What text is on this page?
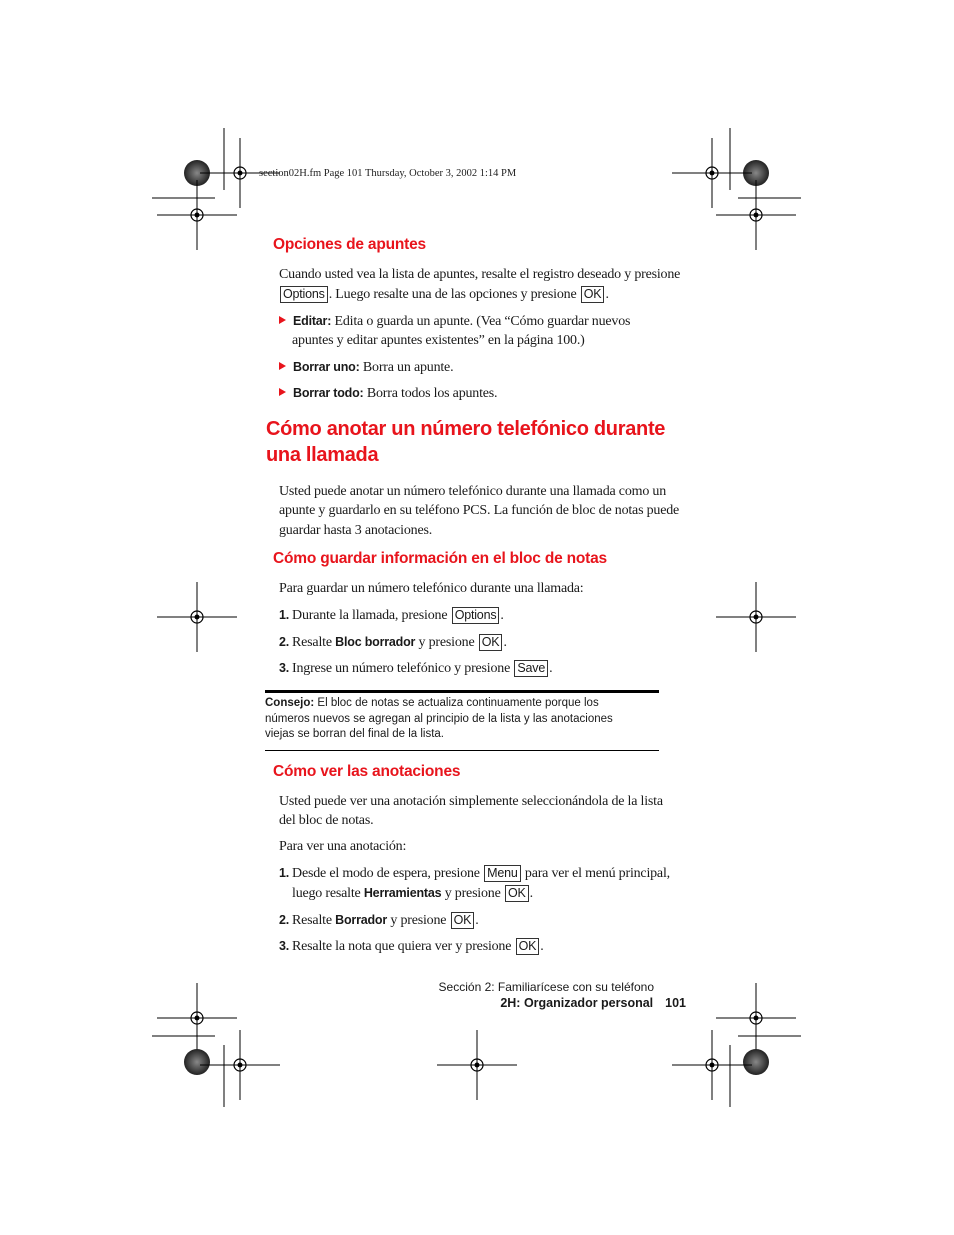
section02H.fm Page 101 Thursday, October 3, 2002 1:14 PM
Opciones de apuntes
Cuando usted vea la lista de apuntes, resalte el registro deseado y presione
Options . Luego resalte una de las opciones y presione OK .
Editar: Edita o guarda un apunte. (Vea “Cómo guardar nuevos
apuntes y editar apuntes existentes” en la página 100.)
Borrar uno: Borra un apunte.
Borrar todo: Borra todos los apuntes.
Cómo anotar un número telefónico durante
una llamada
Usted puede anotar un número telefónico durante una llamada como un
apunte y guardarlo en su teléfono PCS. La función de bloc de notas puede
guardar hasta 3 anotaciones.
Cómo guardar información en el bloc de notas
Para guardar un número telefónico durante una llamada:
1. Durante la llamada, presione Options .
2. Resalte Bloc borrador y presione OK .
3. Ingrese un número telefónico y presione Save .
Consejo: El bloc de notas se actualiza continuamente porque los
números nuevos se agregan al principio de la lista y las anotaciones
viejas se borran del final de la lista.
Cómo ver las anotaciones
Usted puede ver una anotación simplemente seleccionándola de la lista
del bloc de notas.
Para ver una anotación:
1. Desde el modo de espera, presione Menu para ver el menú principal,
luego resalte Herramientas y presione OK .
2. Resalte Borrador y presione OK .
3. Resalte la nota que quiera ver y presione OK .
Sección 2: Familiarícese con su teléfono
2H: Organizador personal 101
